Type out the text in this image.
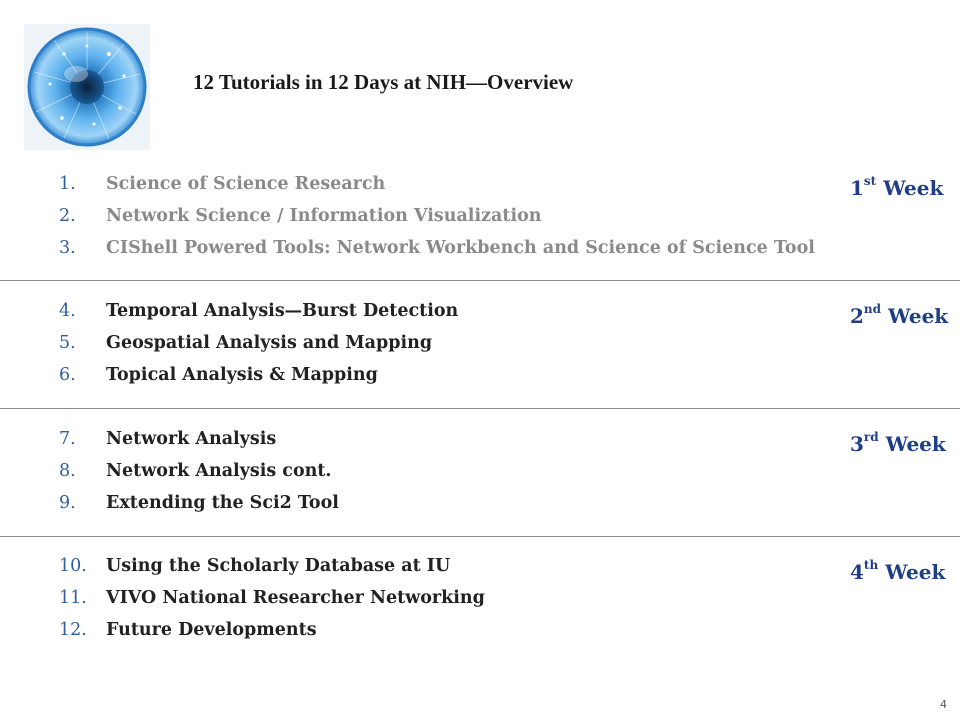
12 Tutorials in 12 Days at NIH—Overview
1. Science of Science Research
2. Network Science / Information Visualization
3. CIShell Powered Tools: Network Workbench and Science of Science Tool
1st Week
4. Temporal Analysis—Burst Detection
5. Geospatial Analysis and Mapping
6. Topical Analysis & Mapping
2nd Week
7. Network Analysis
8. Network Analysis cont.
9. Extending the Sci2 Tool
3rd Week
10. Using the Scholarly Database at IU
11. VIVO National Researcher Networking
12. Future Developments
4th Week
4
